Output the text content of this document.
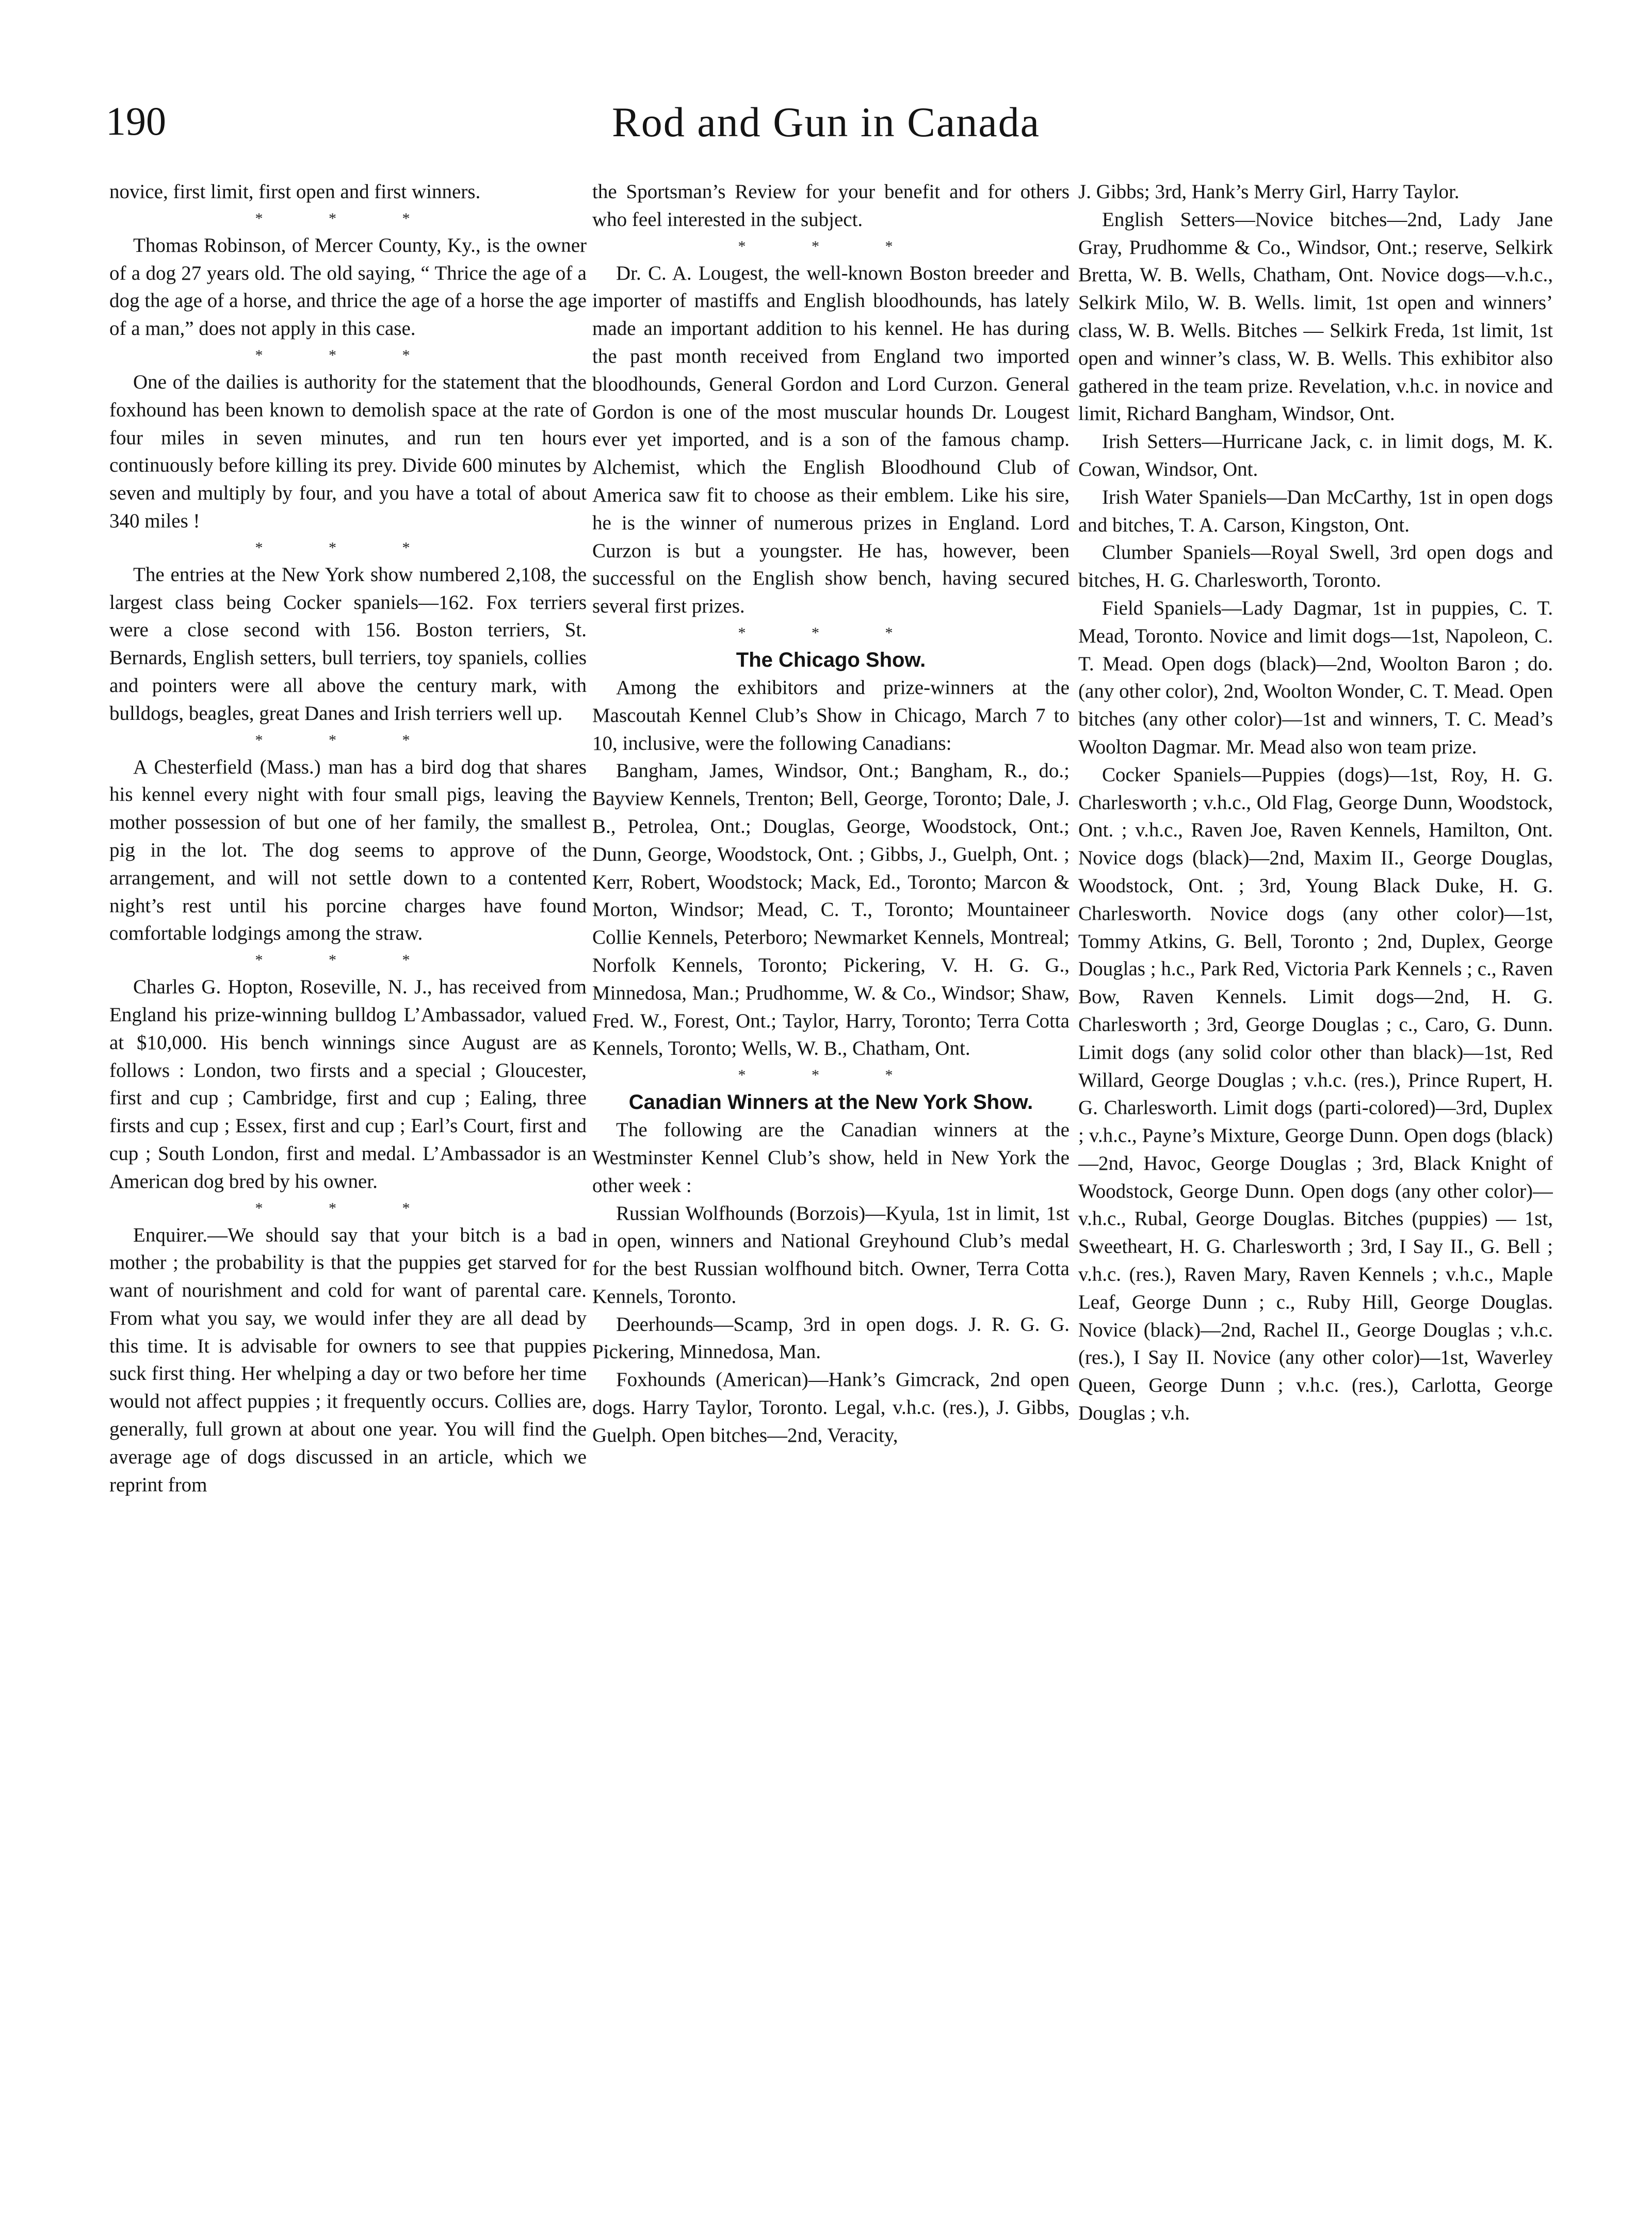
190	Rod and Gun in Canada

novice, first limit, first open and first winners.

* * *

Thomas Robinson, of Mercer County, Ky., is the owner of a dog 27 years old. The old saying, “ Thrice the age of a dog the age of a horse, and thrice the age of a horse the age of a man,” does not apply in this case.

* * *

One of the dailies is authority for the statement that the foxhound has been known to demolish space at the rate of four miles in seven minutes, and run ten hours continuously before killing its prey. Divide 600 minutes by seven and multiply by four, and you have a total of about 340 miles !

* * *

The entries at the New York show numbered 2,108, the largest class being Cocker spaniels—162. Fox terriers were a close second with 156. Boston terriers, St. Bernards, English setters, bull terriers, toy spaniels, collies and pointers were all above the century mark, with bulldogs, beagles, great Danes and Irish terriers well up.

* * *

A Chesterfield (Mass.) man has a bird dog that shares his kennel every night with four small pigs, leaving the mother possession of but one of her family, the smallest pig in the lot. The dog seems to approve of the arrangement, and will not settle down to a contented night’s rest until his porcine charges have found comfortable lodgings among the straw.

* * *

Charles G. Hopton, Roseville, N. J., has received from England his prize-winning bulldog L’Ambassador, valued at $10,000. His bench winnings since August are as follows : London, two firsts and a special ; Gloucester, first and cup ; Cambridge, first and cup ; Ealing, three firsts and cup ; Essex, first and cup ; Earl’s Court, first and cup ; South London, first and medal. L’Ambassador is an American dog bred by his owner.

* * *

Enquirer.—We should say that your bitch is a bad mother ; the probability is that the puppies get starved for want of nourishment and cold for want of parental care. From what you say, we would infer they are all dead by this time. It is advisable for owners to see that puppies suck first thing. Her whelping a day or two before her time would not affect puppies ; it frequently occurs. Collies are, generally, full grown at about one year. You will find the average age of dogs discussed in an article, which we reprint from

the Sportsman’s Review for your benefit and for others who feel interested in the subject.

* * *

Dr. C. A. Lougest, the well-known Boston breeder and importer of mastiffs and English bloodhounds, has lately made an important addition to his kennel. He has during the past month received from England two imported bloodhounds, General Gordon and Lord Curzon. General Gordon is one of the most muscular hounds Dr. Lougest ever yet imported, and is a son of the famous champ. Alchemist, which the English Bloodhound Club of America saw fit to choose as their emblem. Like his sire, he is the winner of numerous prizes in England. Lord Curzon is but a youngster. He has, however, been successful on the English show bench, having secured several first prizes.

* * *
The Chicago Show.

Among the exhibitors and prize-winners at the Mascoutah Kennel Club’s Show in Chicago, March 7 to 10, inclusive, were the following Canadians:

Bangham, James, Windsor, Ont.; Bangham, R., do.; Bayview Kennels, Trenton; Bell, George, Toronto; Dale, J. B., Petrolea, Ont.; Douglas, George, Woodstock, Ont.; Dunn, George, Woodstock, Ont. ; Gibbs, J., Guelph, Ont. ; Kerr, Robert, Woodstock; Mack, Ed., Toronto; Marcon & Morton, Windsor; Mead, C. T., Toronto; Mountaineer Collie Kennels, Peterboro; Newmarket Kennels, Montreal; Norfolk Kennels, Toronto; Pickering, V. H. G. G., Minnedosa, Man.; Prudhomme, W. & Co., Windsor; Shaw, Fred. W., Forest, Ont.; Taylor, Harry, Toronto; Terra Cotta Kennels, Toronto; Wells, W. B., Chatham, Ont.

* * *
Canadian Winners at the New York Show.

The following are the Canadian winners at the Westminster Kennel Club’s show, held in New York the other week :

Russian Wolfhounds (Borzois)—Kyula, 1st in limit, 1st in open, winners and National Greyhound Club’s medal for the best Russian wolfhound bitch. Owner, Terra Cotta Kennels, Toronto.

Deerhounds—Scamp, 3rd in open dogs. J. R. G. G. Pickering, Minnedosa, Man.

Foxhounds (American)—Hank’s Gimcrack, 2nd open dogs. Harry Taylor, Toronto. Legal, v.h.c. (res.), J. Gibbs, Guelph. Open bitches—2nd, Veracity,

J. Gibbs; 3rd, Hank’s Merry Girl, Harry Taylor.

English Setters—Novice bitches—2nd, Lady Jane Gray, Prudhomme & Co., Windsor, Ont.; reserve, Selkirk Bretta, W. B. Wells, Chatham, Ont. Novice dogs—v.h.c., Selkirk Milo, W. B. Wells. limit, 1st open and winners’ class, W. B. Wells. Bitches — Selkirk Freda, 1st limit, 1st open and winner’s class, W. B. Wells. This exhibitor also gathered in the team prize. Revelation, v.h.c. in novice and limit, Richard Bangham, Windsor, Ont.

Irish Setters—Hurricane Jack, c. in limit dogs, M. K. Cowan, Windsor, Ont.

Irish Water Spaniels—Dan McCarthy, 1st in open dogs and bitches, T. A. Carson, Kingston, Ont.

Clumber Spaniels—Royal Swell, 3rd open dogs and bitches, H. G. Charlesworth, Toronto.

Field Spaniels—Lady Dagmar, 1st in puppies, C. T. Mead, Toronto. Novice and limit dogs—1st, Napoleon, C. T. Mead. Open dogs (black)—2nd, Woolton Baron ; do. (any other color), 2nd, Woolton Wonder, C. T. Mead. Open bitches (any other color)—1st and winners, T. C. Mead’s Woolton Dagmar. Mr. Mead also won team prize.

Cocker Spaniels—Puppies (dogs)—1st, Roy, H. G. Charlesworth ; v.h.c., Old Flag, George Dunn, Woodstock, Ont. ; v.h.c., Raven Joe, Raven Kennels, Hamilton, Ont. Novice dogs (black)—2nd, Maxim II., George Douglas, Woodstock, Ont. ; 3rd, Young Black Duke, H. G. Charlesworth. Novice dogs (any other color)—1st, Tommy Atkins, G. Bell, Toronto ; 2nd, Duplex, George Douglas ; h.c., Park Red, Victoria Park Kennels ; c., Raven Bow, Raven Kennels. Limit dogs—2nd, H. G. Charlesworth ; 3rd, George Douglas ; c., Caro, G. Dunn. Limit dogs (any solid color other than black)—1st, Red Willard, George Douglas ; v.h.c. (res.), Prince Rupert, H. G. Charlesworth. Limit dogs (parti-colored)—3rd, Duplex ; v.h.c., Payne’s Mixture, George Dunn. Open dogs (black)—2nd, Havoc, George Douglas ; 3rd, Black Knight of Woodstock, George Dunn. Open dogs (any other color)—v.h.c., Rubal, George Douglas. Bitches (puppies) — 1st, Sweetheart, H. G. Charlesworth ; 3rd, I Say II., G. Bell ; v.h.c. (res.), Raven Mary, Raven Kennels ; v.h.c., Maple Leaf, George Dunn ; c., Ruby Hill, George Douglas. Novice (black)—2nd, Rachel II., George Douglas ; v.h.c. (res.), I Say II. Novice (any other color)—1st, Waverley Queen, George Dunn ; v.h.c. (res.), Carlotta, George Douglas ; v.h.
